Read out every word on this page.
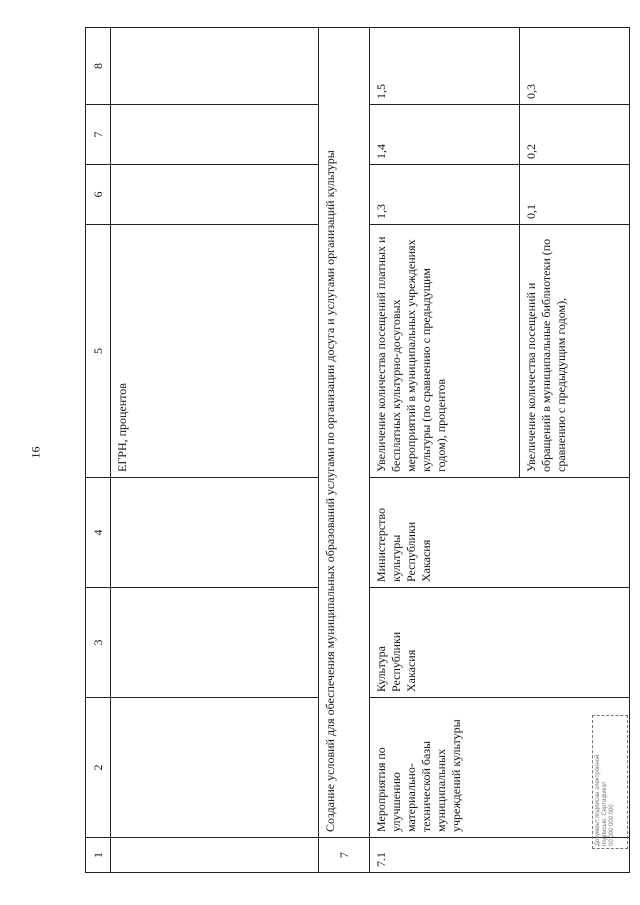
16
1	2	3	4	5	6	7	8
				ЕГРН, процентов			
7	Создание условий для обеспечения муниципальных образований услугами по организации досуга и услугами организаций культуры						
7.1	Мероприятия по улучшению материально-технической базы муниципальных учреждений культуры	Культура Республики Хакасия	Министерство культуры Республики Хакасия	Увеличение количества посещений платных и бесплатных культурно-досуговых мероприятий в муниципальных учреждениях культуры (по сравнению с предыдущим годом), процентов	1,3	1,4	1,5
				Увеличение количества посещений и обращений в муниципальные библиотеки (по сравнению с предыдущим годом),	0,1	0,2	0,3
Документ подписан электронной подписью. Сертификат 00 000 000 000
